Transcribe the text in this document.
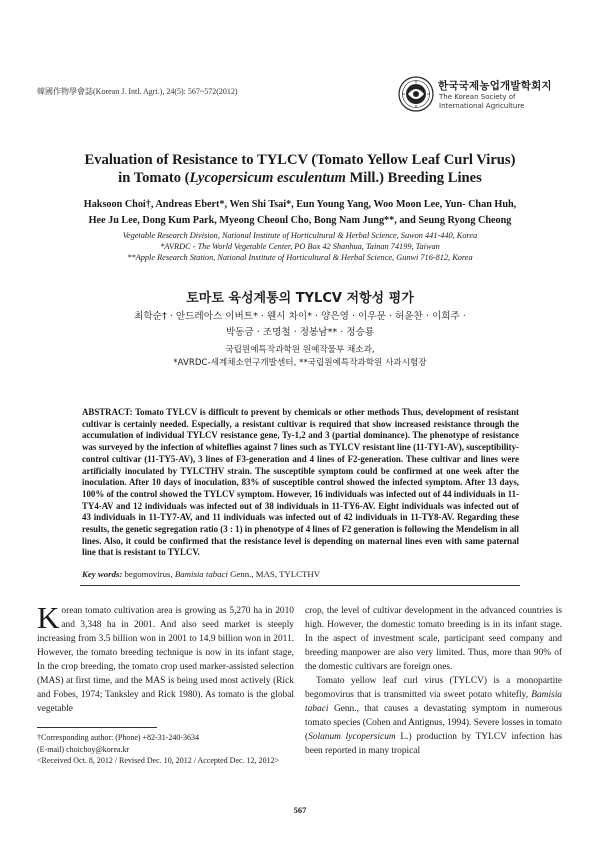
韓國作物學會誌(Korean J. Intl. Agri.), 24(5): 567~572(2012)	한국국제농업개발학회지
The Korean Society of International Agriculture
Evaluation of Resistance to TYLCV (Tomato Yellow Leaf Curl Virus)
in Tomato (Lycopersicum esculentum Mill.) Breeding Lines
Haksoon Choi†, Andreas Ebert*, Wen Shi Tsai*, Eun Young Yang, Woo Moon Lee, Yun- Chan Huh,
Hee Ju Lee, Dong Kum Park, Myeong Cheoul Cho, Bong Nam Jung**, and Seung Ryong Cheong
Vegetable Research Division, National Institute of Horticultural & Herbal Science, Suwon 441-440, Korea
*AVRDC - The World Vegetable Center, PO Box 42 Shanhua, Tainan 74199, Taiwan
**Apple Research Station, National Institute of Horticultural & Herbal Science, Gunwi 716-812, Korea
토마토 육성계통의 TYLCV 저항성 평가
최학순† · 안드레아스 이버트* · 웬시 차이* · 양은영 · 이우문 · 허윤찬 · 이희주 ·
박동금 · 조명철 · 정봉남** · 정승룡
국립원예특작과학원 원예작물부 채소과,
*AVRDC-세계채소연구개발센터, **국립원예특작과학원 사과시험장

ABSTRACT: Tomato TYLCV is difficult to prevent by chemicals or other methods Thus, development of resistant cultivar is certainly needed. Especially, a resistant cultivar is required that show increased resistance through the accumulation of individual TYLCV resistance gene, Ty-1,2 and 3 (partial dominance). The phenotype of resistance was surveyed by the infection of whiteflies against 7 lines such as TYLCV resistant line (11-TY1-AV), susceptibility-control cultivar (11-TY5-AV), 3 lines of F3-generation and 4 lines of F2-generation. These cultivar and lines were artificially inoculated by TYLCTHV strain. The susceptible symptom could be confirmed at one week after the inoculation. After 10 days of inoculation, 83% of susceptible control showed the infected symptom. After 13 days, 100% of the control showed the TYLCV symptom. However, 16 individuals was infected out of 44 individuals in 11-TY4-AV and 12 individuals was infected out of 38 individuals in 11-TY6-AV. Eight individuals was infected out of 43 individuals in 11-TY7-AV, and 11 individuals was infected out of 42 individuals in 11-TY8-AV. Regarding these results, the genetic segregation ratio (3 : 1) in phenotype of 4 lines of F2 generation is following the Mendelism in all lines. Also, it could be confirmed that the resistance level is depending on maternal lines even with same paternal line that is resistant to TYLCV.

Key words: begomovirus, Bamisia tabaci Genn., MAS, TYLCTHV

Korean tomato cultivation area is growing as 5,270 ha in 2010 and 3,348 ha in 2001. And also seed market is steeply increasing from 3.5 billion won in 2001 to 14.9 billion won in 2011. However, the tomato breeding technique is now in its infant stage, In the crop breeding, the tomato crop used marker-assisted selection (MAS) at first time, and the MAS is being used most actively (Rick and Fobes, 1974; Tanksley and Rick 1980). As tomato is the global vegetable

crop, the level of cultivar development in the advanced countries is high. However, the domestic tomato breeding is in its infant stage. In the aspect of investment scale, participant seed company and breeding manpower are also very limited. Thus, more than 90% of the domestic cultivars are foreign ones.

Tomato yellow leaf curl virus (TYLCV) is a monopartite begomovirus that is transmitted via sweet potato whitefly, Bamisia tabaci Genn., that causes a devastating symptom in numerous tomato species (Cohen and Antignus, 1994). Severe losses in tomato (Solanum lycopersicum L.) production by TYLCV infection has been reported in many tropical

†Corresponding author: (Phone) +82-31-240-3634
(E-mail) choichoy@korea.kr
<Received Oct. 8, 2012 / Revised Dec. 10, 2012 / Accepted Dec. 12, 2012>
567
